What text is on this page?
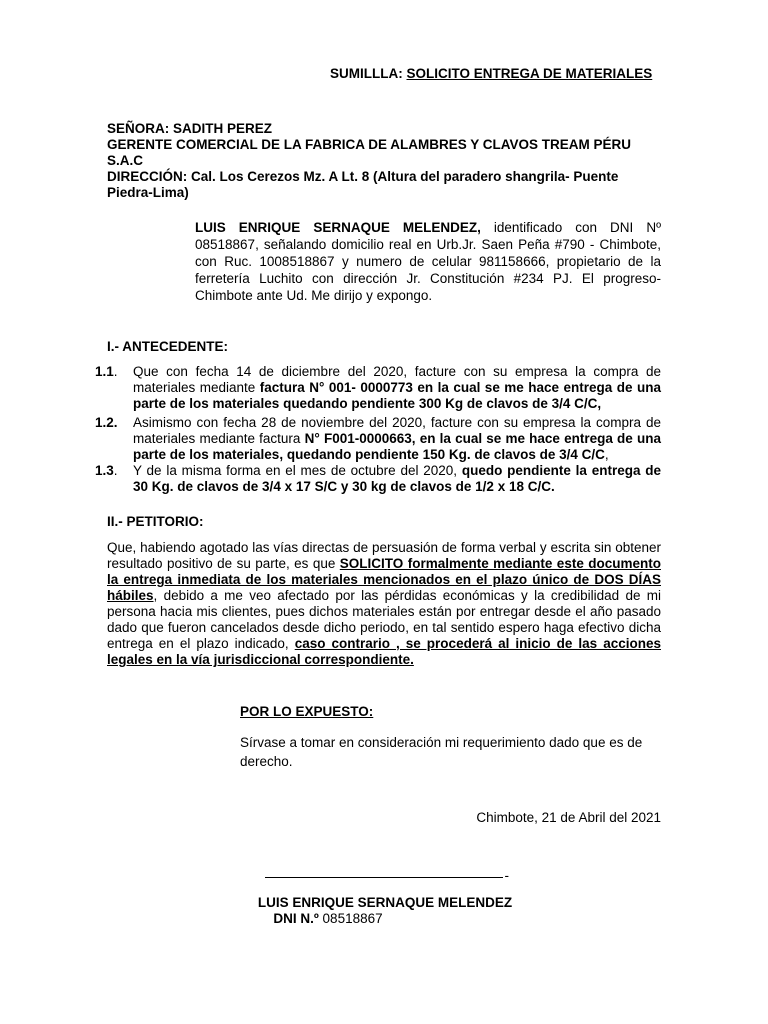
SUMILLLA: SOLICITO ENTREGA DE MATERIALES
SEÑORA: SADITH PEREZ
GERENTE COMERCIAL DE LA FABRICA DE ALAMBRES Y CLAVOS TREAM PÉRU S.A.C
DIRECCIÓN: Cal. Los Cerezos Mz. A Lt. 8 (Altura del paradero shangrila- Puente Piedra-Lima)
LUIS ENRIQUE SERNAQUE MELENDEZ, identificado con DNI Nº 08518867, señalando domicilio real en Urb.Jr. Saen Peña #790 - Chimbote, con Ruc. 1008518867 y numero de celular 981158666, propietario de la ferretería Luchito con dirección Jr. Constitución #234 PJ. El progreso- Chimbote ante Ud. Me dirijo y expongo.
I.- ANTECEDENTE:
1.1.	Que con fecha 14 de diciembre del 2020, facture con su empresa la compra de materiales mediante factura N° 001- 0000773 en la cual se me hace entrega de una parte de los materiales quedando pendiente 300 Kg de clavos de 3/4 C/C,
1.2.	Asimismo con fecha 28 de noviembre del 2020, facture con su empresa la compra de materiales mediante factura N° F001-0000663, en la cual se me hace entrega de una parte de los materiales, quedando pendiente 150 Kg. de clavos de 3/4 C/C,
1.3.	Y de la misma forma en el mes de octubre del 2020, quedo pendiente la entrega de 30 Kg. de clavos de 3/4 x 17 S/C y 30 kg de clavos de 1/2 x 18 C/C.
II.- PETITORIO:
Que, habiendo agotado las vías directas de persuasión de forma verbal y escrita sin obtener resultado positivo de su parte, es que SOLICITO formalmente mediante este documento la entrega inmediata de los materiales mencionados en el plazo único de DOS DÍAS hábiles, debido a me veo afectado por las pérdidas económicas y la credibilidad de mi persona hacia mis clientes, pues dichos materiales están por entregar desde el año pasado dado que fueron cancelados desde dicho periodo, en tal sentido espero haga efectivo dicha entrega en el plazo indicado, caso contrario , se procederá al inicio de las acciones legales en la vía jurisdiccional correspondiente.
POR LO EXPUESTO:
Sírvase a tomar en consideración mi requerimiento dado que es de derecho.
Chimbote, 21 de Abril del 2021
-
LUIS ENRIQUE SERNAQUE MELENDEZ
DNI N.º 08518867
